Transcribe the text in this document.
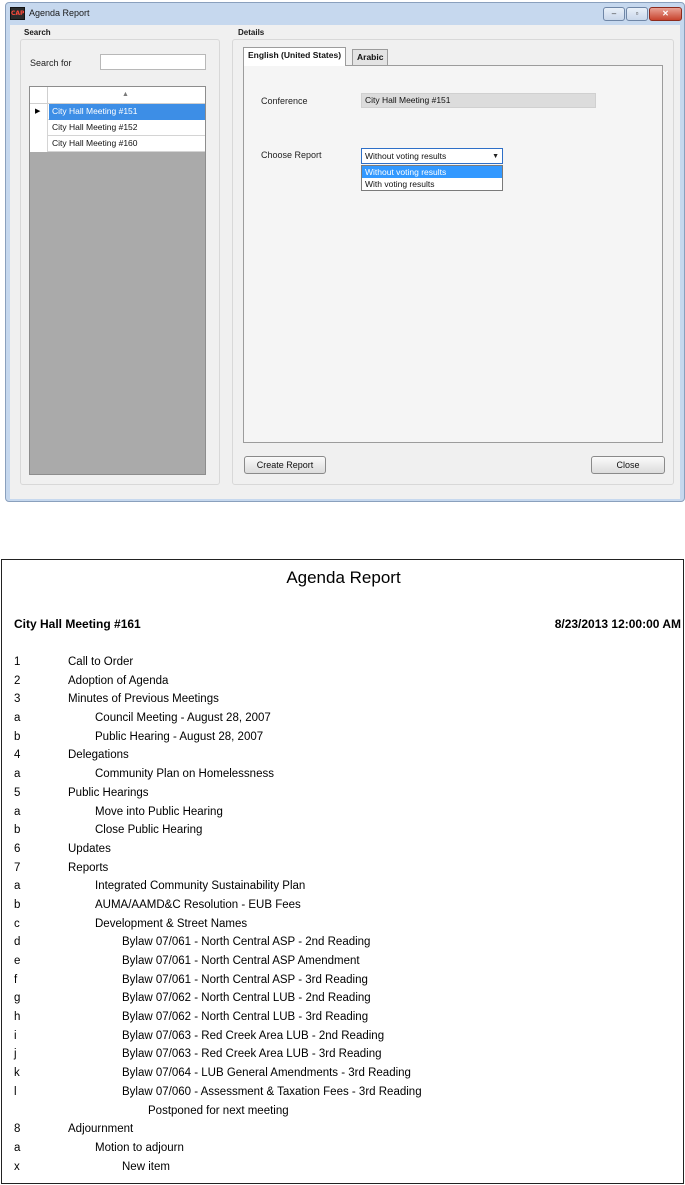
CAP Agenda Report	–	▫	✕
Search
Search for
▲
▶	City Hall Meeting #151
City Hall Meeting #152
City Hall Meeting #160
Details
English (United States)	Arabic
Conference	City Hall Meeting #151
Choose Report	Without voting results	▼
Without voting results
With voting results
Create Report	Close
Agenda Report
City Hall Meeting #161	8/23/2013 12:00:00 AM
1	Call to Order
2	Adoption of Agenda
3	Minutes of Previous Meetings
a	Council Meeting - August 28, 2007
b	Public Hearing - August 28, 2007
4	Delegations
a	Community Plan on Homelessness
5	Public Hearings
a	Move into Public Hearing
b	Close Public Hearing
6	Updates
7	Reports
a	Integrated Community Sustainability Plan
b	AUMA/AAMD&C Resolution - EUB Fees
c	Development & Street Names
d	Bylaw 07/061 - North Central ASP - 2nd Reading
e	Bylaw 07/061 - North Central ASP Amendment
f	Bylaw 07/061 - North Central ASP - 3rd Reading
g	Bylaw 07/062 - North Central LUB - 2nd Reading
h	Bylaw 07/062 - North Central LUB - 3rd Reading
i	Bylaw 07/063 - Red Creek Area LUB - 2nd Reading
j	Bylaw 07/063 - Red Creek Area LUB - 3rd Reading
k	Bylaw 07/064 - LUB General Amendments - 3rd Reading
l	Bylaw 07/060 - Assessment & Taxation Fees - 3rd Reading
Postponed for next meeting
8	Adjournment
a	Motion to adjourn
x	New item
